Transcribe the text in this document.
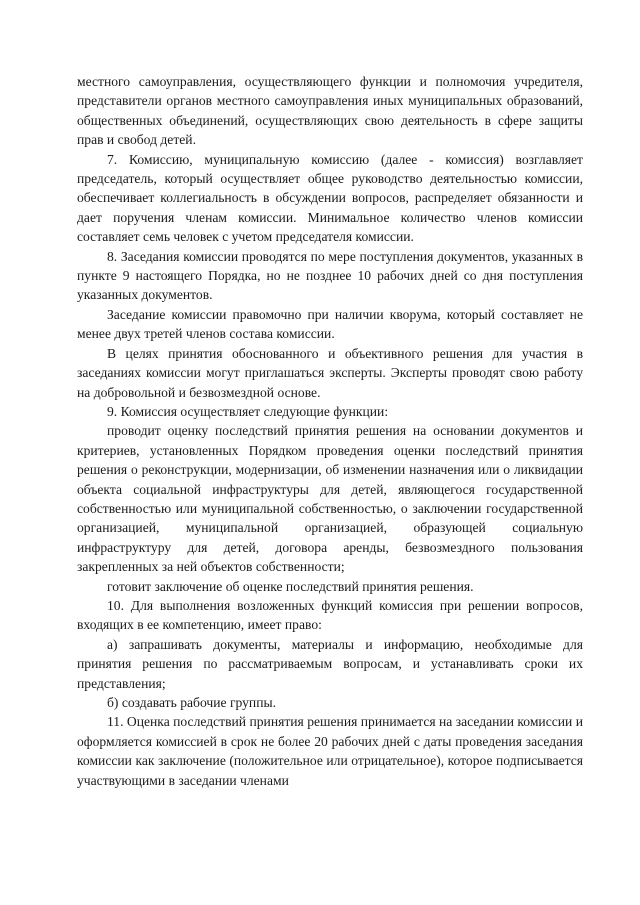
местного самоуправления, осуществляющего функции и полномочия учредителя, представители органов местного самоуправления иных муниципальных образований, общественных объединений, осуществляющих свою деятельность в сфере защиты прав и свобод детей.

7. Комиссию, муниципальную комиссию (далее - комиссия) возглавляет председатель, который осуществляет общее руководство деятельностью комиссии, обеспечивает коллегиальность в обсуждении вопросов, распределяет обязанности и дает поручения членам комиссии. Минимальное количество членов комиссии составляет семь человек с учетом председателя комиссии.

8. Заседания комиссии проводятся по мере поступления документов, указанных в пункте 9 настоящего Порядка, но не позднее 10 рабочих дней со дня поступления указанных документов.

Заседание комиссии правомочно при наличии кворума, который составляет не менее двух третей членов состава комиссии.

В целях принятия обоснованного и объективного решения для участия в заседаниях комиссии могут приглашаться эксперты. Эксперты проводят свою работу на добровольной и безвозмездной основе.

9. Комиссия осуществляет следующие функции:

проводит оценку последствий принятия решения на основании документов и критериев, установленных Порядком проведения оценки последствий принятия решения о реконструкции, модернизации, об изменении назначения или о ликвидации объекта социальной инфраструктуры для детей, являющегося государственной собственностью или муниципальной собственностью, о заключении государственной организацией, муниципальной организацией, образующей социальную инфраструктуру для детей, договора аренды, безвозмездного пользования закрепленных за ней объектов собственности;

готовит заключение об оценке последствий принятия решения.

10. Для выполнения возложенных функций комиссия при решении вопросов, входящих в ее компетенцию, имеет право:

а) запрашивать документы, материалы и информацию, необходимые для принятия решения по рассматриваемым вопросам, и устанавливать сроки их представления;

б) создавать рабочие группы.

11. Оценка последствий принятия решения принимается на заседании комиссии и оформляется комиссией в срок не более 20 рабочих дней с даты проведения заседания комиссии как заключение (положительное или отрицательное), которое подписывается участвующими в заседании членами
